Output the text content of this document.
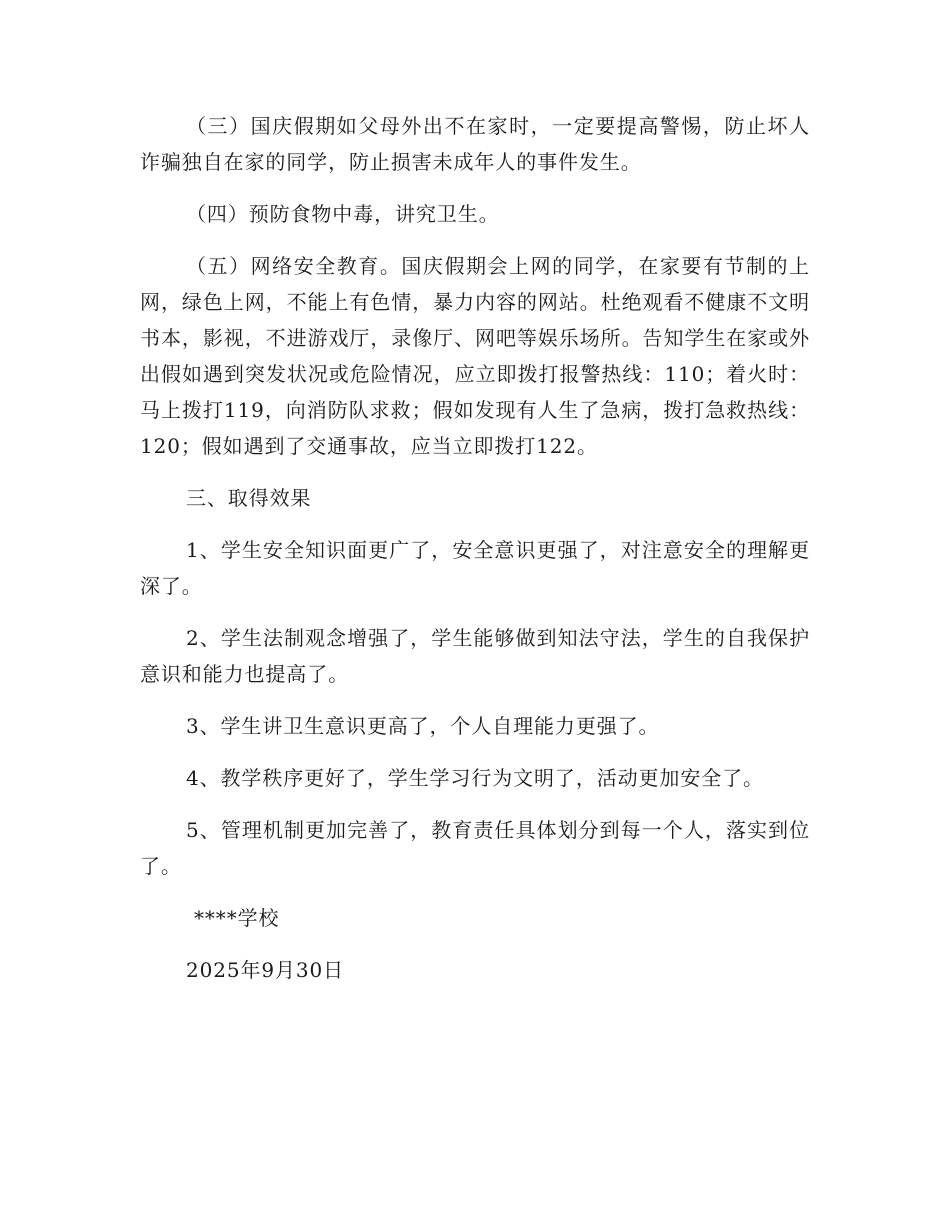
（三）国庆假期如父母外出不在家时，一定要提高警惕，防止坏人诈骗独自在家的同学，防止损害未成年人的事件发生。

（四）预防食物中毒，讲究卫生。

（五）网络安全教育。国庆假期会上网的同学，在家要有节制的上网，绿色上网，不能上有色情，暴力内容的网站。杜绝观看不健康不文明书本，影视，不进游戏厅，录像厅、网吧等娱乐场所。告知学生在家或外出假如遇到突发状况或危险情况，应立即拨打报警热线：110；着火时：马上拨打119，向消防队求救；假如发现有人生了急病，拨打急救热线：120；假如遇到了交通事故，应当立即拨打122。

三、取得效果

1、学生安全知识面更广了，安全意识更强了，对注意安全的理解更深了。

2、学生法制观念增强了，学生能够做到知法守法，学生的自我保护意识和能力也提高了。

3、学生讲卫生意识更高了，个人自理能力更强了。

4、教学秩序更好了，学生学习行为文明了，活动更加安全了。

5、管理机制更加完善了，教育责任具体划分到每一个人，落实到位了。

****学校

2025年9月30日
